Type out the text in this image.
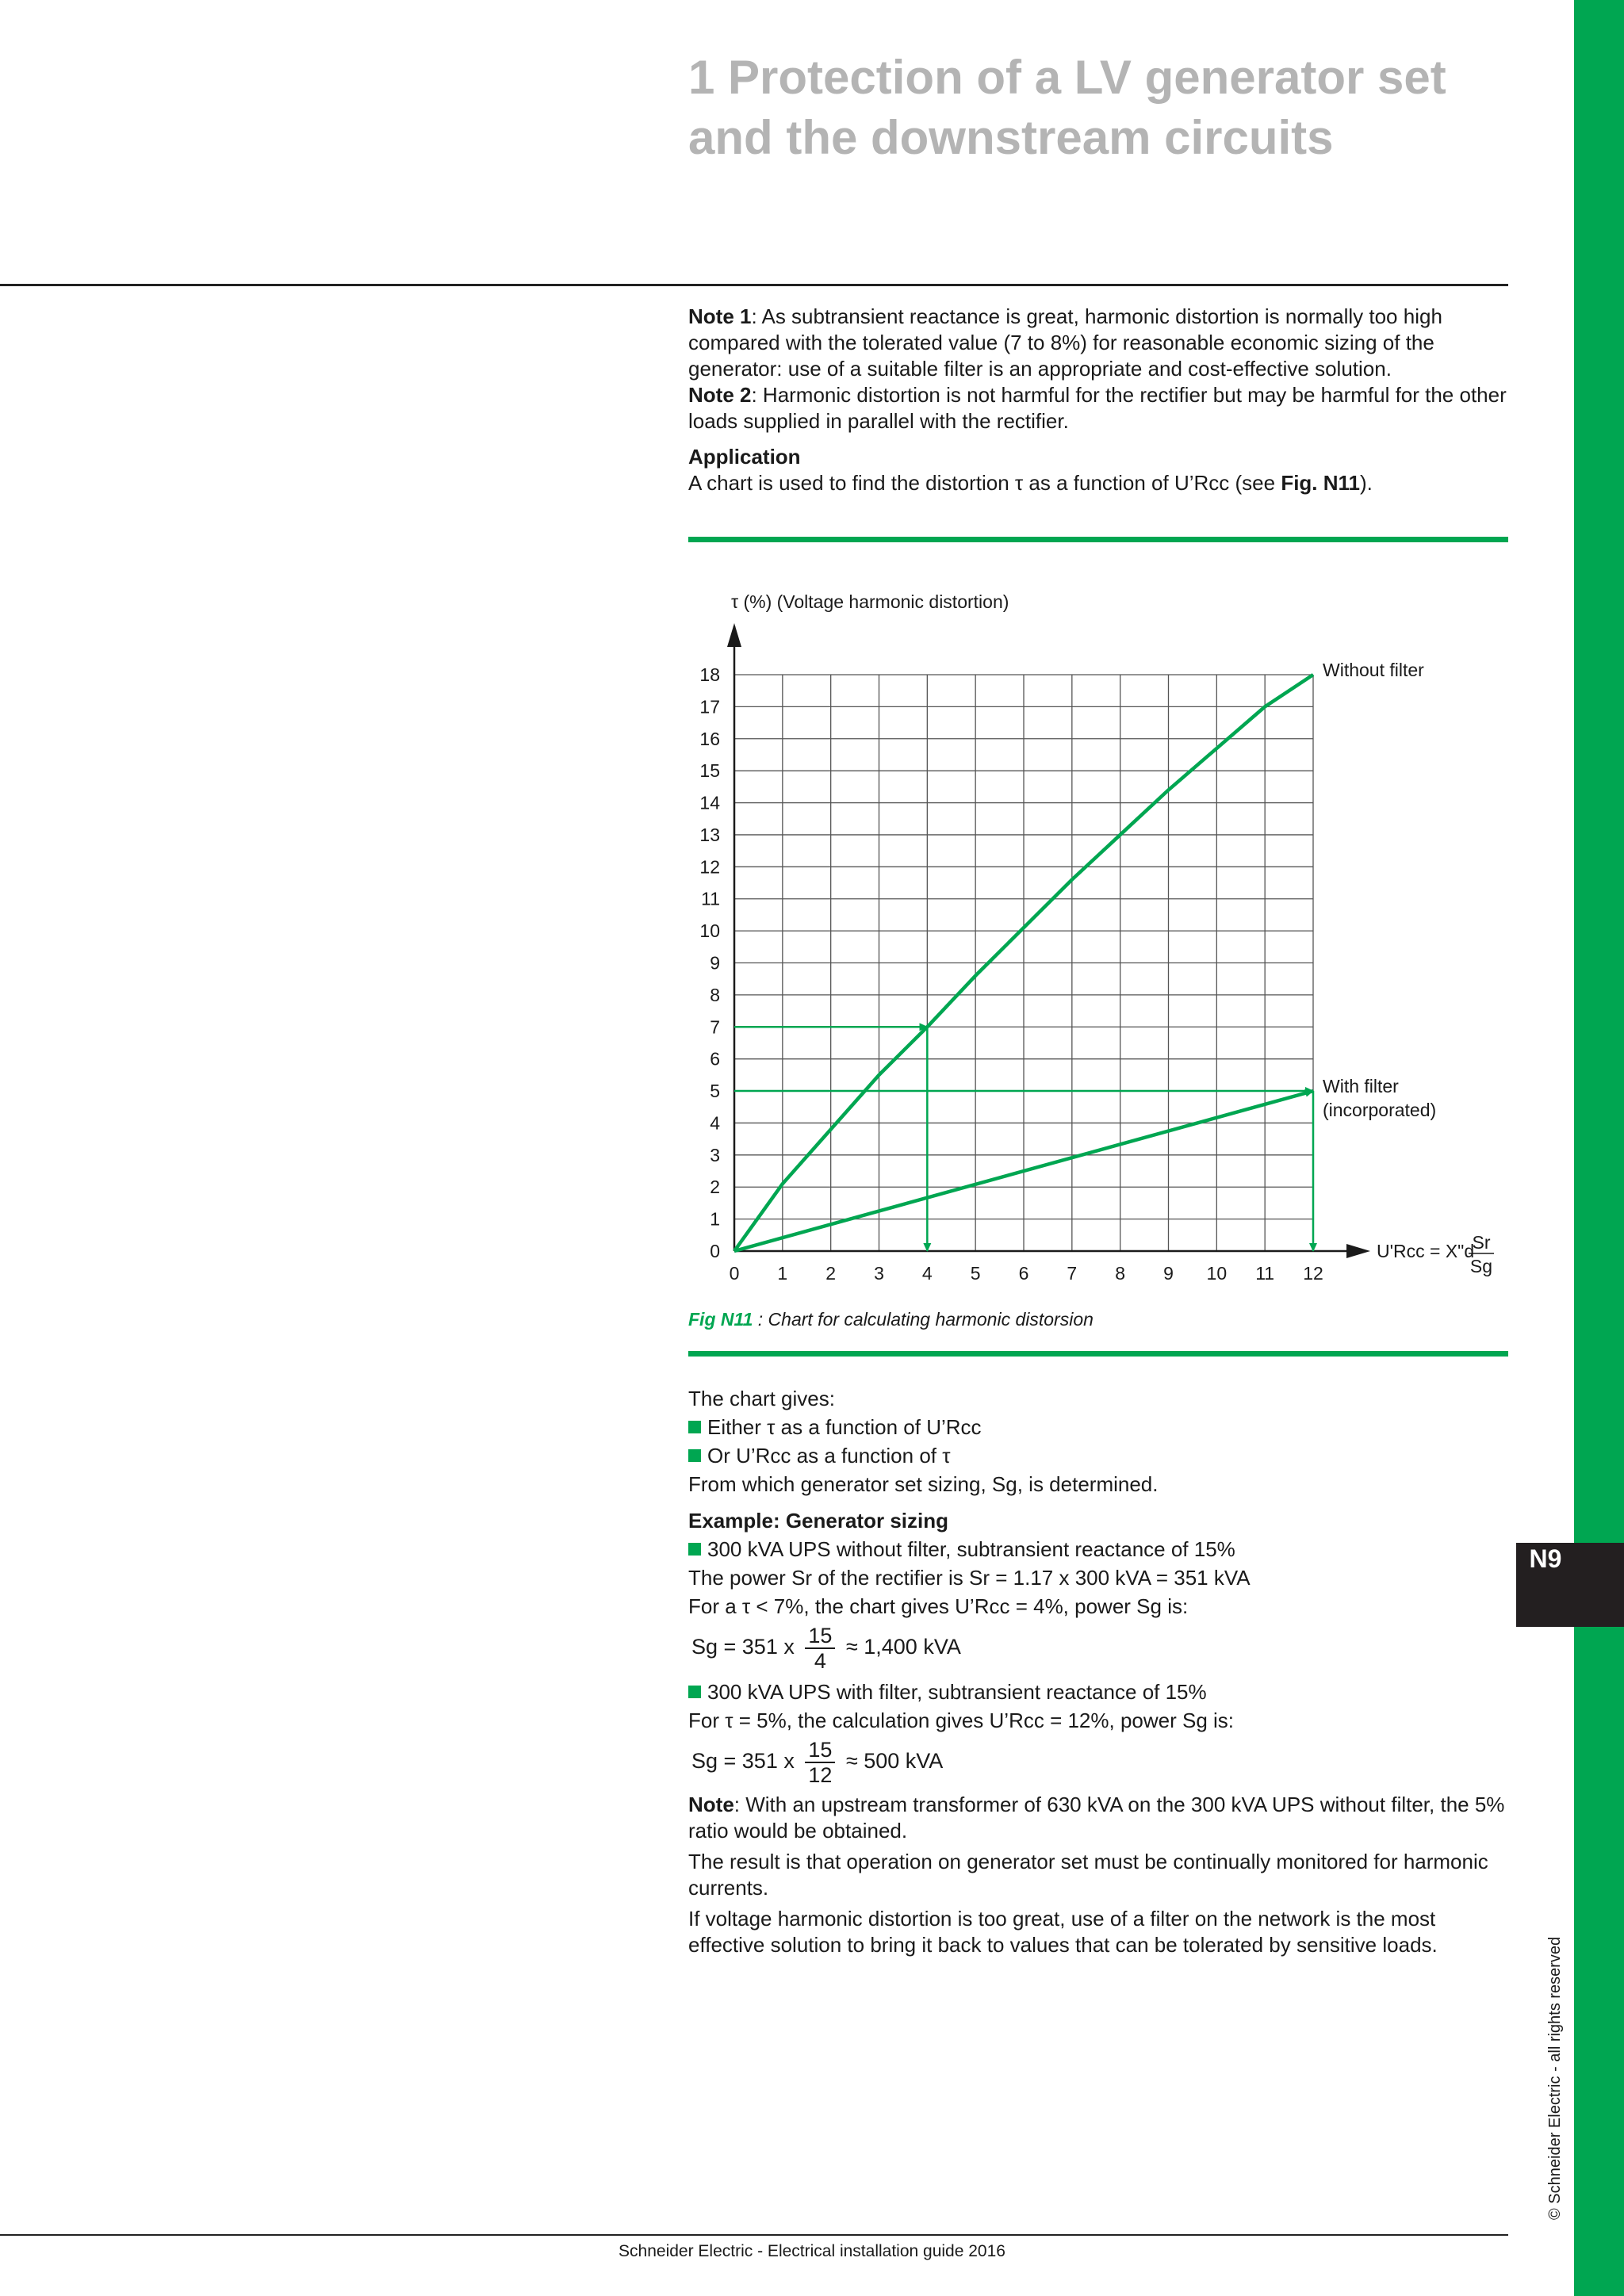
N9
© Schneider Electric - all rights reserved
1 Protection of a LV generator set
and the downstream circuits

Note 1: As subtransient reactance is great, harmonic distortion is normally too high compared with the tolerated value (7 to 8%) for reasonable economic sizing of the generator: use of a suitable filter is an appropriate and cost-effective solution.

Note 2: Harmonic distortion is not harmful for the rectifier but may be harmful for the other loads supplied in parallel with the rectifier.

Application

A chart is used to find the distortion τ as a function of U’Rcc (see Fig. N11).

0
1
2
3
4
5
6
7
8
9
10
11
12
13
14
15
16
17
18
0 1 2 3 4 5 6 7 8 9 10 11 12
τ (%) (Voltage harmonic distortion)
U'Rcc = X"d
Sr
Sg
Without filter
With filter
(incorporated)
Fig N11 : Chart for calculating harmonic distorsion

The chart gives:

Either τ as a function of U’Rcc

Or U’Rcc as a function of τ

From which generator set sizing, Sg, is determined.

Example: Generator sizing

300 kVA UPS without filter, subtransient reactance of 15%

The power Sr of the rectifier is Sr = 1.17 x 300 kVA = 351 kVA

For a τ < 7%, the chart gives U’Rcc = 4%, power Sg is:

Sg = 351 x $\frac{15}{4} \approx 1,400$ kVA

300 kVA UPS with filter, subtransient reactance of 15%

For τ = 5%, the calculation gives U’Rcc = 12%, power Sg is:

Sg = 351 x $\frac{15}{12} \approx 500$ kVA

Note: With an upstream transformer of 630 kVA on the 300 kVA UPS without filter, the 5% ratio would be obtained.

The result is that operation on generator set must be continually monitored for harmonic currents.

If voltage harmonic distortion is too great, use of a filter on the network is the most effective solution to bring it back to values that can be tolerated by sensitive loads.

Schneider Electric - Electrical installation guide 2016
